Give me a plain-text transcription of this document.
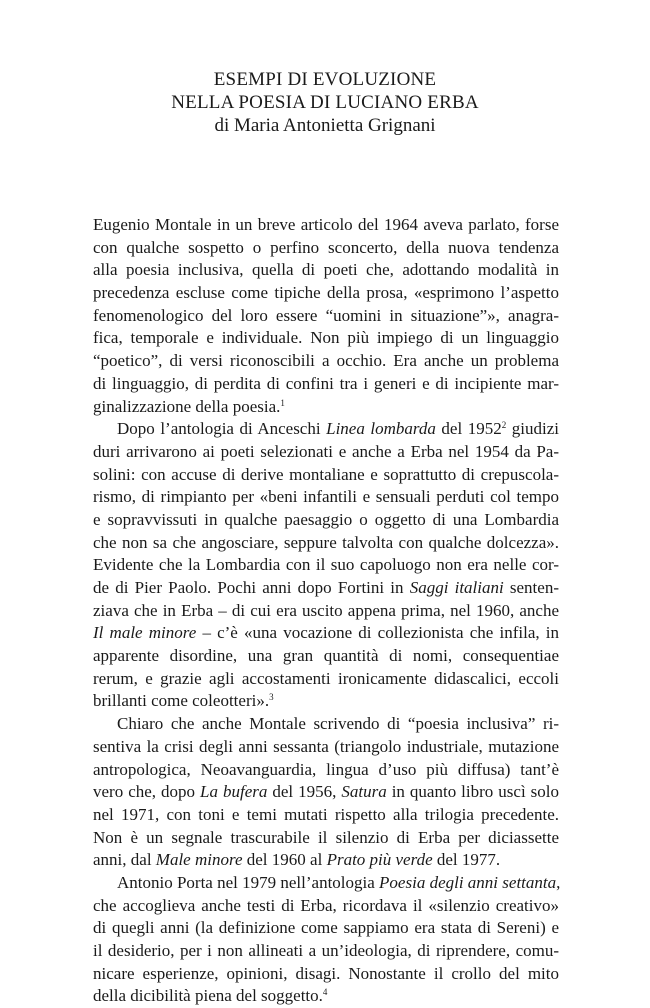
ESEMPI DI EVOLUZIONE
NELLA POESIA DI LUCIANO ERBA
di Maria Antonietta Grignani
Eugenio Montale in un breve articolo del 1964 aveva parlato, forse
con qualche sospetto o perfino sconcerto, della nuova tendenza
alla poesia inclusiva, quella di poeti che, adottando modalità in
precedenza escluse come tipiche della prosa, «esprimono l’aspetto
fenomenologico del loro essere “uomini in situazione”», anagra-
fica, temporale e individuale. Non più impiego di un linguaggio
“poetico”, di versi riconoscibili a occhio. Era anche un problema
di linguaggio, di perdita di confini tra i generi e di incipiente mar-
ginalizzazione della poesia.$^1$
Dopo l’antologia di Anceschi Linea lombarda del 1952$^2$ giudizi
duri arrivarono ai poeti selezionati e anche a Erba nel 1954 da Pa-
solini: con accuse di derive montaliane e soprattutto di crepuscola-
rismo, di rimpianto per «beni infantili e sensuali perduti col tempo
e sopravvissuti in qualche paesaggio o oggetto di una Lombardia
che non sa che angosciare, seppure talvolta con qualche dolcezza».
Evidente che la Lombardia con il suo capoluogo non era nelle cor-
de di Pier Paolo. Pochi anni dopo Fortini in Saggi italiani senten-
ziava che in Erba – di cui era uscito appena prima, nel 1960, anche
Il male minore – c’è «una vocazione di collezionista che infila, in
apparente disordine, una gran quantità di nomi, consequentiae
rerum, e grazie agli accostamenti ironicamente didascalici, eccoli
brillanti come coleotteri».$^3$
Chiaro che anche Montale scrivendo di “poesia inclusiva” ri-
sentiva la crisi degli anni sessanta (triangolo industriale, mutazione
antropologica, Neoavanguardia, lingua d’uso più diffusa) tant’è
vero che, dopo La bufera del 1956, Satura in quanto libro uscì solo
nel 1971, con toni e temi mutati rispetto alla trilogia precedente.
Non è un segnale trascurabile il silenzio di Erba per diciassette
anni, dal Male minore del 1960 al Prato più verde del 1977.
Antonio Porta nel 1979 nell’antologia Poesia degli anni settanta,
che accoglieva anche testi di Erba, ricordava il «silenzio creativo»
di quegli anni (la definizione come sappiamo era stata di Sereni) e
il desiderio, per i non allineati a un’ideologia, di riprendere, comu-
nicare esperienze, opinioni, disagi. Nonostante il crollo del mito
della dicibilità piena del soggetto.$^4$
